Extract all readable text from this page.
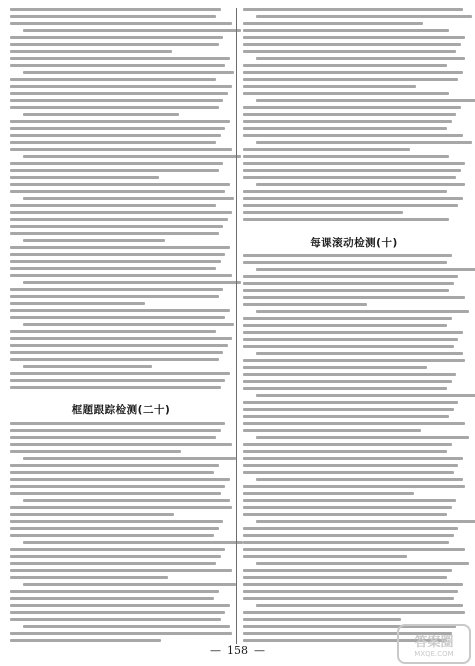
框题跟踪检测(二十)
每课滚动检测(十)
— 158 —
答案圈
MXQE.COM
